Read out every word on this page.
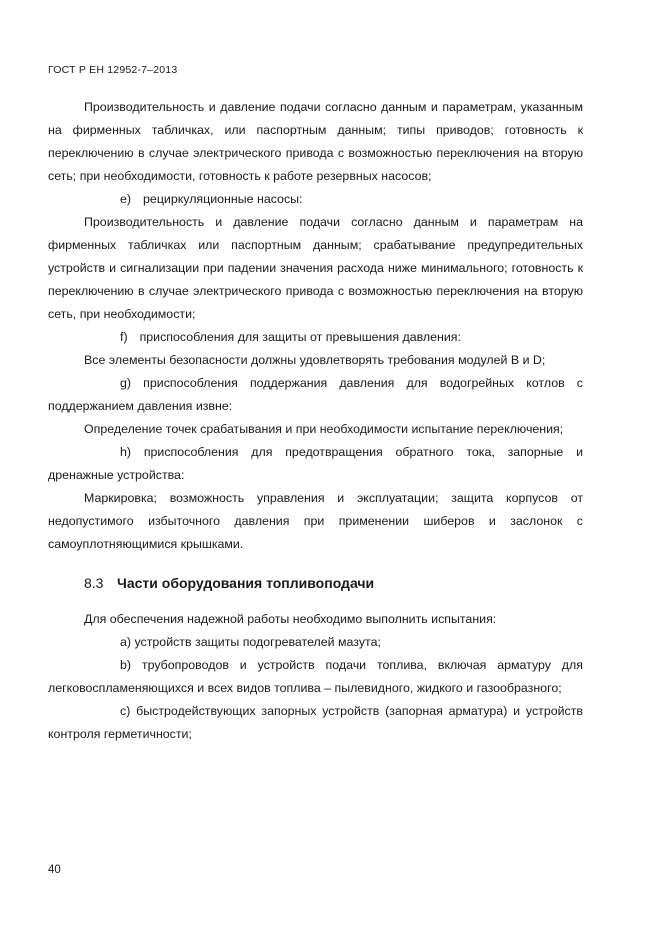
ГОСТ Р ЕН 12952-7–2013

Производительность и давление подачи согласно данным и параметрам, указанным на фирменных табличках, или паспортным данным; типы приводов; готовность к переключению в случае электрического привода с возможностью переключения на вторую сеть; при необходимости, готовность к работе резервных насосов;

е) рециркуляционные насосы:

Производительность и давление подачи согласно данным и параметрам на фирменных табличках или паспортным данным; срабатывание предупредительных устройств и сигнализации при падении значения расхода ниже минимального; готовность к переключению в случае электрического привода с возможностью переключения на вторую сеть, при необходимости;

f) приспособления для защиты от превышения давления:

Все элементы безопасности должны удовлетворять требования модулей B и D;

g) приспособления поддержания давления для водогрейных котлов с поддержанием давления извне:

Определение точек срабатывания и при необходимости испытание переключения;

h) приспособления для предотвращения обратного тока, запорные и дренажные устройства:

Маркировка; возможность управления и эксплуатации; защита корпусов от недопустимого избыточного давления при применении шиберов и заслонок с самоуплотняющимися крышками.

8.3 Части оборудования топливоподачи

Для обеспечения надежной работы необходимо выполнить испытания:

a) устройств защиты подогревателей мазута;

b) трубопроводов и устройств подачи топлива, включая арматуру для легковоспламеняющихся и всех видов топлива – пылевидного, жидкого и газообразного;

c) быстродействующих запорных устройств (запорная арматура) и устройств контроля герметичности;

40
